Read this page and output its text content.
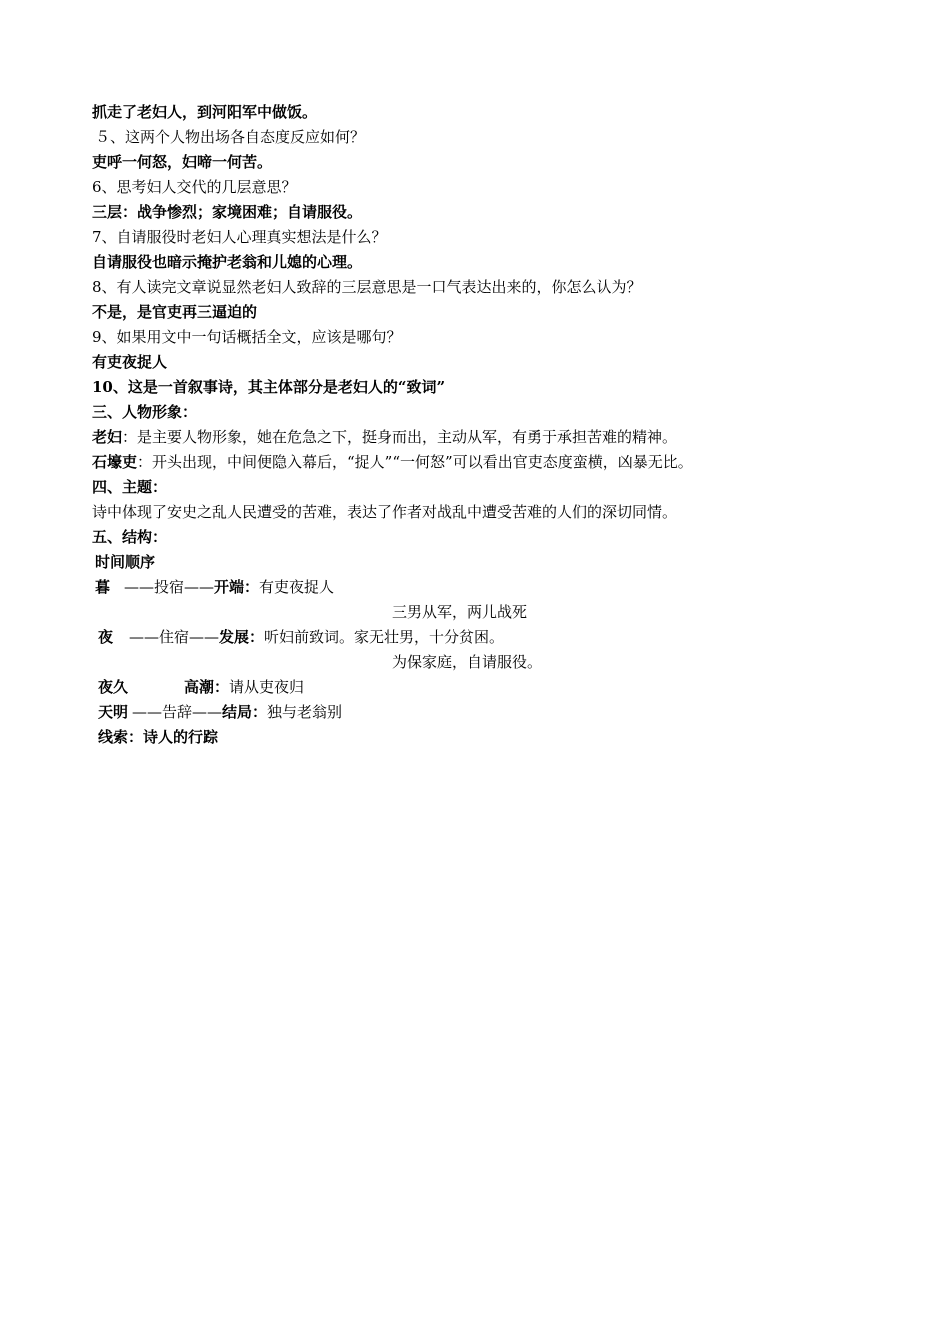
抓走了老妇人，到河阳军中做饭。
５、这两个人物出场各自态度反应如何？
吏呼一何怒，妇啼一何苦。
6、思考妇人交代的几层意思？
三层：战争惨烈；家境困难；自请服役。
7、自请服役时老妇人心理真实想法是什么？
自请服役也暗示掩护老翁和儿媳的心理。
8、有人读完文章说显然老妇人致辞的三层意思是一口气表达出来的，你怎么认为？
不是，是官吏再三逼迫的
9、如果用文中一句话概括全文，应该是哪句？
有吏夜捉人
10、这是一首叙事诗，其主体部分是老妇人的“致词”
三、人物形象：
老妇：是主要人物形象，她在危急之下，挺身而出，主动从军，有勇于承担苦难的精神。
石壕吏：开头出现，中间便隐入幕后，“捉人”“一何怒”可以看出官吏态度蛮横，凶暴无比。
四、主题：
诗中体现了安史之乱人民遭受的苦难，表达了作者对战乱中遭受苦难的人们的深切同情。
五、结构：
时间顺序
暮 ——投宿——开端：有吏夜捉人
三男从军，两儿战死
夜 ——住宿——发展：听妇前致词。家无壮男，十分贫困。
为保家庭，自请服役。
夜久	高潮：请从吏夜归
天明 ——告辞——结局：独与老翁别
线索：诗人的行踪
